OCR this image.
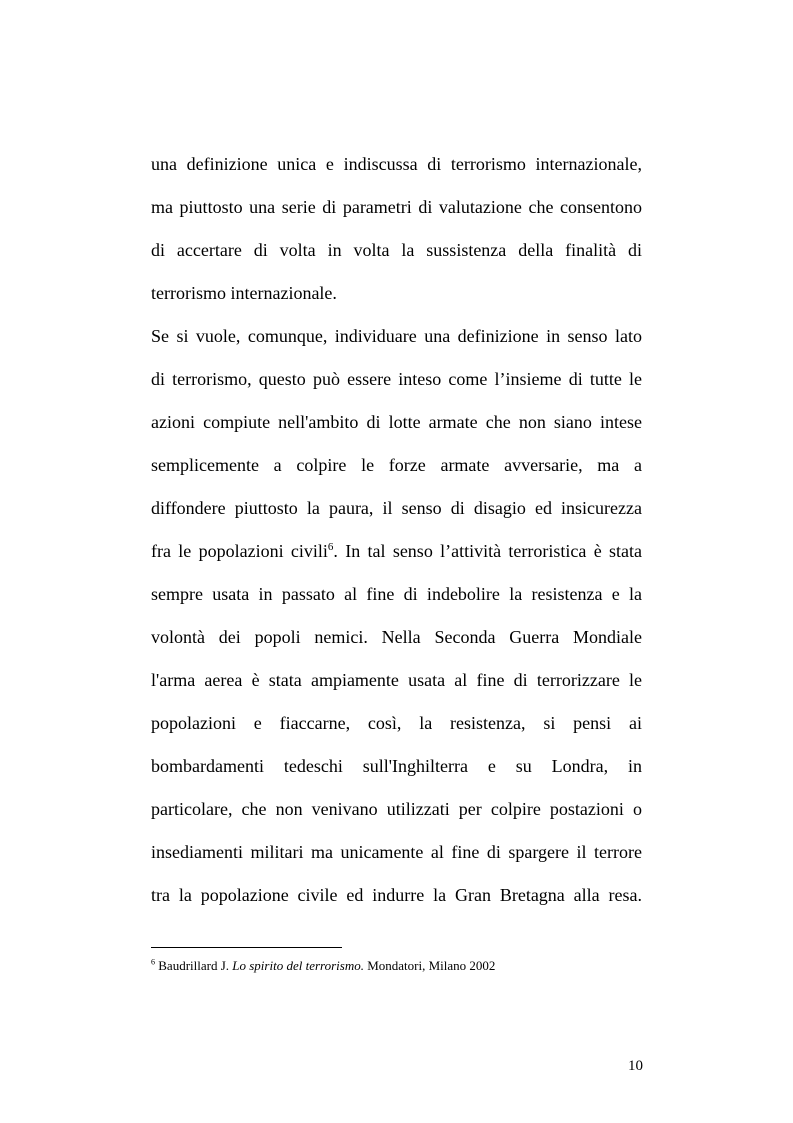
una definizione unica e indiscussa di terrorismo internazionale,
ma piuttosto una serie di parametri di valutazione che consentono
di accertare di volta in volta la sussistenza della finalità di
terrorismo internazionale.
Se si vuole, comunque, individuare una definizione in senso lato
di terrorismo, questo può essere inteso come l’insieme di tutte le
azioni compiute nell'ambito di lotte armate che non siano intese
semplicemente a colpire le forze armate avversarie, ma a
diffondere piuttosto la paura, il senso di disagio ed insicurezza
fra le popolazioni civili$^6$. In tal senso l’attività terroristica è stata
sempre usata in passato al fine di indebolire la resistenza e la
volontà dei popoli nemici. Nella Seconda Guerra Mondiale
l'arma aerea è stata ampiamente usata al fine di terrorizzare le
popolazioni e fiaccarne, così, la resistenza, si pensi ai
bombardamenti tedeschi sull'Inghilterra e su Londra, in
particolare, che non venivano utilizzati per colpire postazioni o
insediamenti militari ma unicamente al fine di spargere il terrore
tra la popolazione civile ed indurre la Gran Bretagna alla resa.
$^6$ Baudrillard J. Lo spirito del terrorismo. Mondatori, Milano 2002
10
